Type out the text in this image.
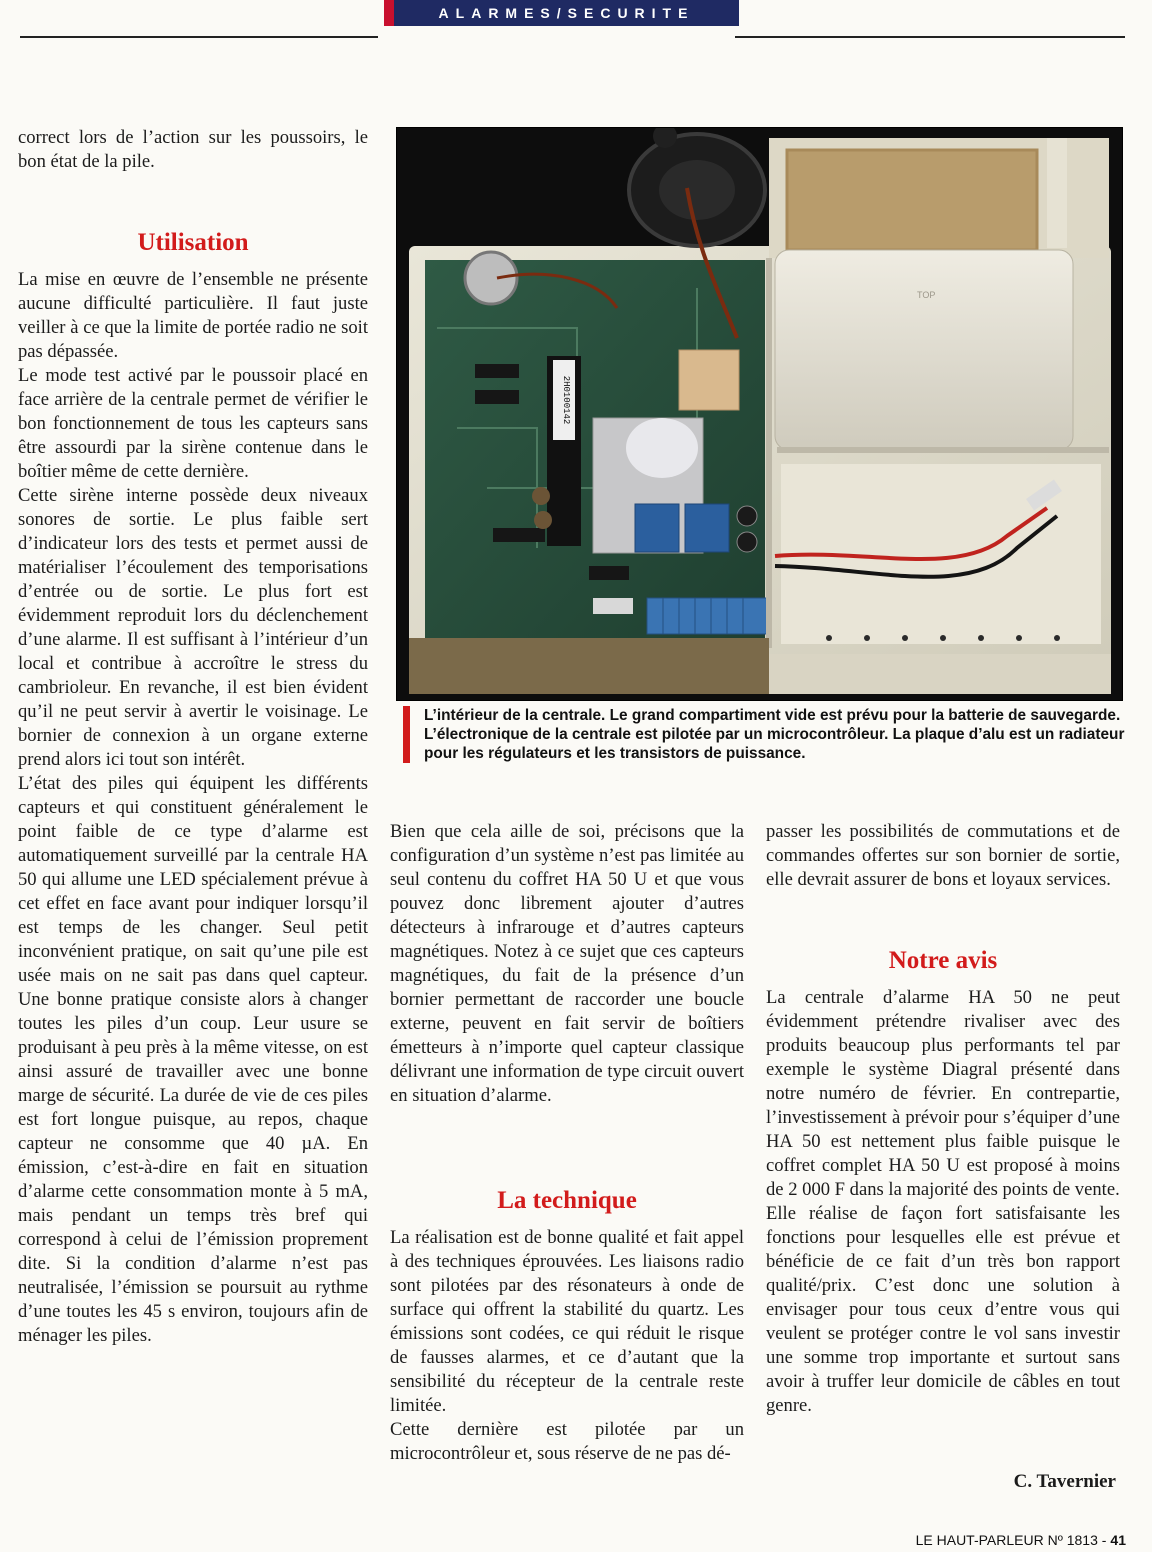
ALARMES/SECURITE

correct lors de l’action sur les poussoirs, le bon état de la pile.

Utilisation

La mise en œuvre de l’ensemble ne présente aucune difficulté particulière. Il faut juste veiller à ce que la limite de portée radio ne soit pas dépassée.

Le mode test activé par le poussoir placé en face arrière de la centrale permet de vérifier le bon fonctionnement de tous les capteurs sans être assourdi par la sirène contenue dans le boîtier même de cette dernière.

Cette sirène interne possède deux niveaux sonores de sortie. Le plus faible sert d’indicateur lors des tests et permet aussi de matérialiser l’écoulement des temporisations d’entrée ou de sortie. Le plus fort est évidemment reproduit lors du déclenchement d’une alarme. Il est suffisant à l’intérieur d’un local et contribue à accroître le stress du cambrioleur. En revanche, il est bien évident qu’il ne peut servir à avertir le voisinage. Le bornier de connexion à un organe externe prend alors ici tout son intérêt.

L’état des piles qui équipent les différents capteurs et qui constituent généralement le point faible de ce type d’alarme est automatiquement surveillé par la centrale HA 50 qui allume une LED spécialement prévue à cet effet en face avant pour indiquer lorsqu’il est temps de les changer. Seul petit inconvénient pratique, on sait qu’une pile est usée mais on ne sait pas dans quel capteur. Une bonne pratique consiste alors à changer toutes les piles d’un coup. Leur usure se produisant à peu près à la même vitesse, on est ainsi assuré de travailler avec une bonne marge de sécurité. La durée de vie de ces piles est fort longue puisque, au repos, chaque capteur ne consomme que 40 µA. En émission, c’est-à-dire en fait en situation d’alarme cette consommation monte à 5 mA, mais pendant un temps très bref qui correspond à celui de l’émission proprement dite. Si la condition d’alarme n’est pas neutralisée, l’émission se poursuit au rythme d’une toutes les 45 s environ, toujours afin de ménager les piles.

2H0100142
TOP
L’intérieur de la centrale. Le grand compartiment vide est prévu pour la batterie de sauvegarde. L’électronique de la centrale est pilotée par un microcontrôleur. La plaque d’alu est un radiateur pour les régulateurs et les transistors de puissance.

Bien que cela aille de soi, précisons que la configuration d’un système n’est pas limitée au seul contenu du coffret HA 50 U et que vous pouvez donc librement ajouter d’autres détecteurs à infrarouge et d’autres capteurs magnétiques. Notez à ce sujet que ces capteurs magnétiques, du fait de la présence d’un bornier permettant de raccorder une boucle externe, peuvent en fait servir de boîtiers émetteurs à n’importe quel capteur classique délivrant une information de type circuit ouvert en situation d’alarme.

La technique

La réalisation est de bonne qualité et fait appel à des techniques éprouvées. Les liaisons radio sont pilotées par des résonateurs à onde de surface qui offrent la stabilité du quartz. Les émissions sont codées, ce qui réduit le risque de fausses alarmes, et ce d’autant que la sensibilité du récepteur de la centrale reste limitée.

Cette dernière est pilotée par un microcontrôleur et, sous réserve de ne pas dé-

passer les possibilités de commutations et de commandes offertes sur son bornier de sortie, elle devrait assurer de bons et loyaux services.

Notre avis

La centrale d’alarme HA 50 ne peut évidemment prétendre rivaliser avec des produits beaucoup plus performants tel par exemple le système Diagral présenté dans notre numéro de février. En contrepartie, l’investissement à prévoir pour s’équiper d’une HA 50 est nettement plus faible puisque le coffret complet HA 50 U est proposé à moins de 2 000 F dans la majorité des points de vente.

Elle réalise de façon fort satisfaisante les fonctions pour lesquelles elle est prévue et bénéficie de ce fait d’un très bon rapport qualité/prix. C’est donc une solution à envisager pour tous ceux d’entre vous qui veulent se protéger contre le vol sans investir une somme trop importante et surtout sans avoir à truffer leur domicile de câbles en tout genre.

C. Tavernier
LE HAUT-PARLEUR Nº 1813 - 41
